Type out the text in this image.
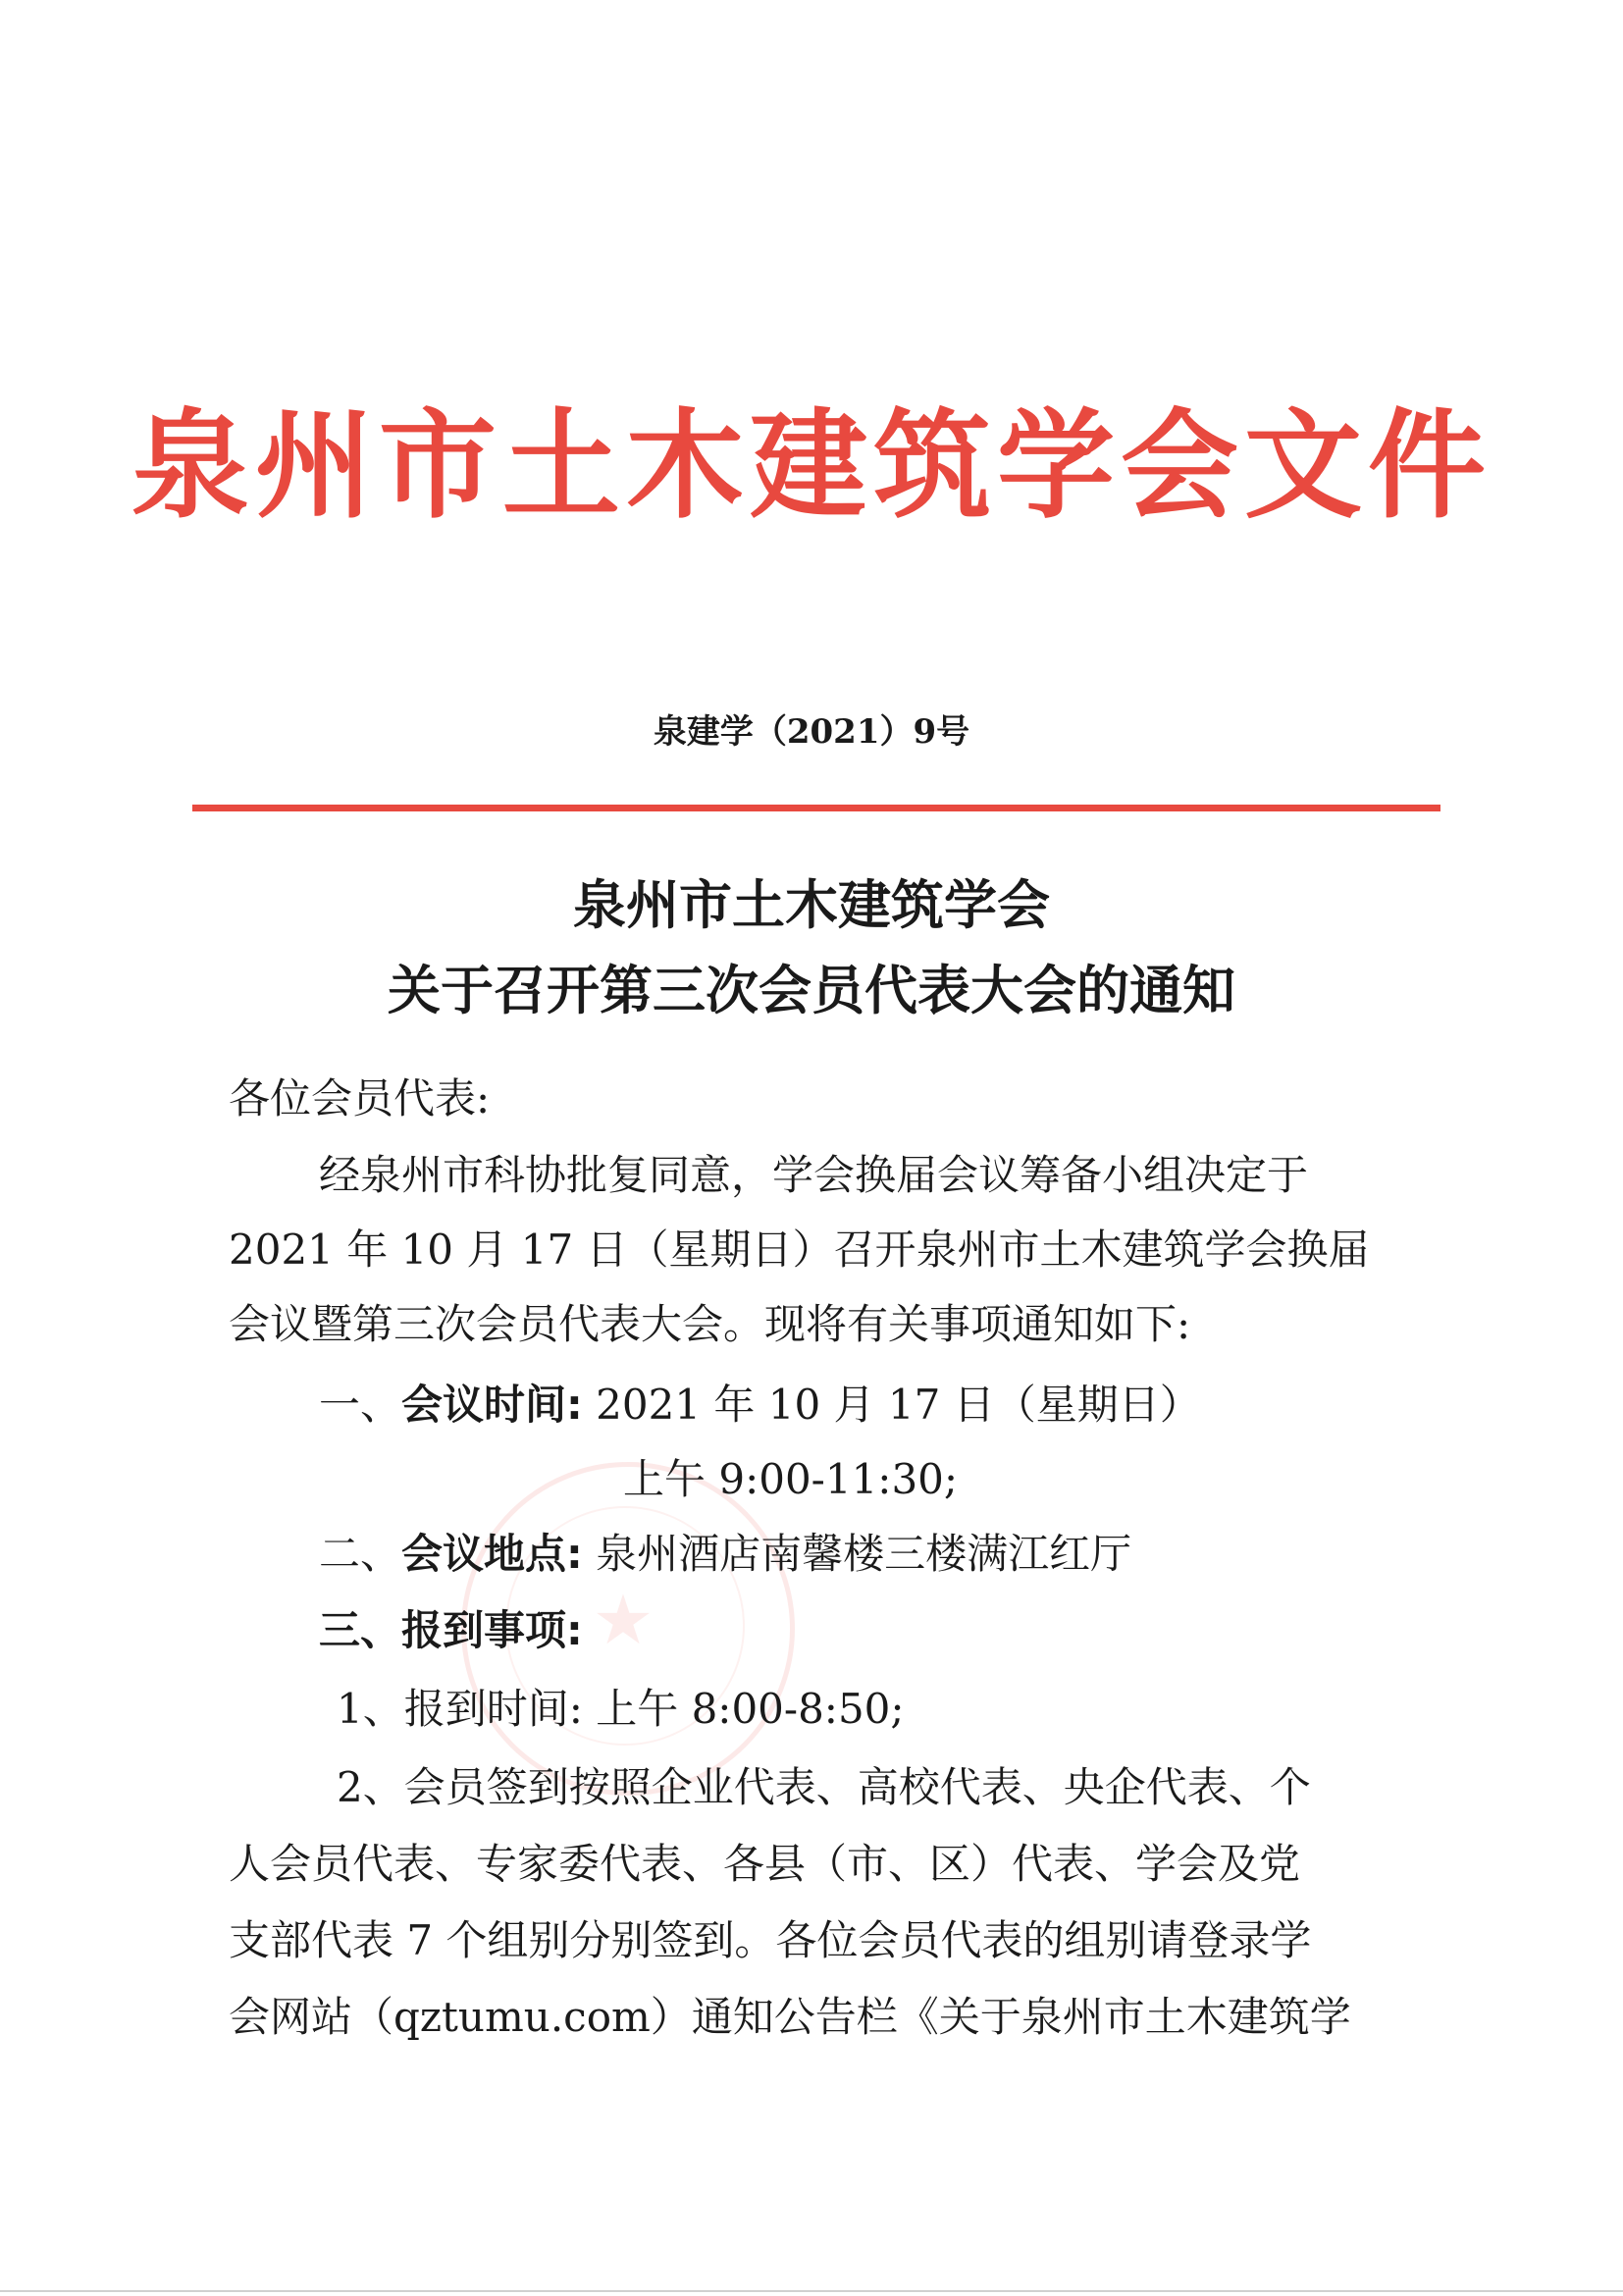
泉州市土木建筑学会文件
泉建学（2021）9号
泉州市土木建筑学会
关于召开第三次会员代表大会的通知
★
各位会员代表:
经泉州市科协批复同意，学会换届会议筹备小组决定于
2021 年 10 月 17 日（星期日）召开泉州市土木建筑学会换届
会议暨第三次会员代表大会。现将有关事项通知如下:
一、会议时间: 2021 年 10 月 17 日（星期日）
上午 9:00-11:30;
二、会议地点: 泉州酒店南馨楼三楼满江红厅
三、报到事项:
1、报到时间: 上午 8:00-8:50;
2、会员签到按照企业代表、高校代表、央企代表、个
人会员代表、专家委代表、各县（市、区）代表、学会及党
支部代表 7 个组别分别签到。各位会员代表的组别请登录学
会网站（qztumu.com）通知公告栏《关于泉州市土木建筑学
